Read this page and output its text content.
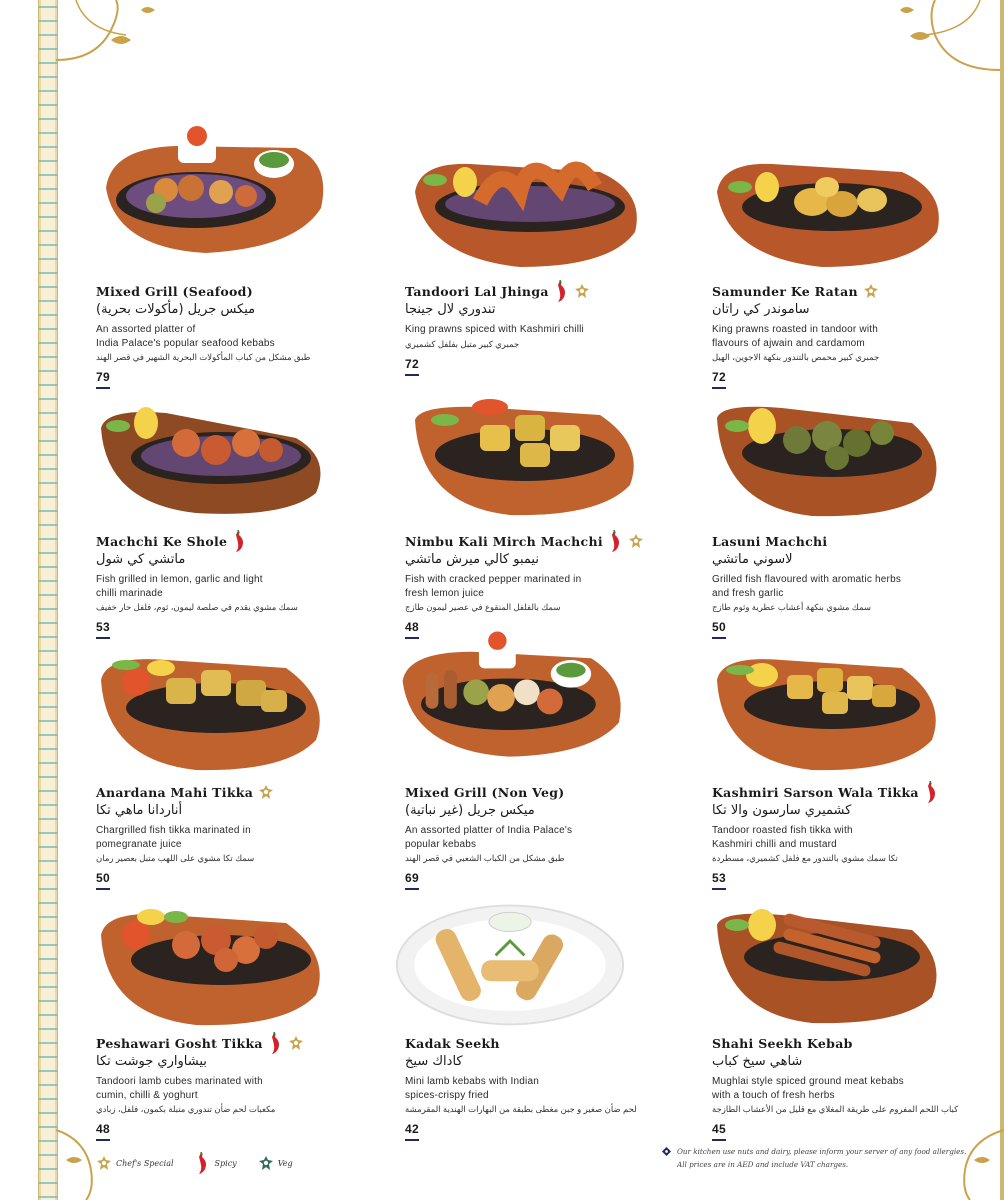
Mixed Grill (Seafood)
ميكس جريل (مأكولات بحرية)
An assorted platter of
India Palace's popular seafood kebabs
طبق مشكل من كباب المأكولات البحرية الشهير في قصر الهند
79
Tandoori Lal Jhinga
تندوري لال جينجا
King prawns spiced with Kashmiri chilli
جمبري كبير متبل بفلفل كشميري
72
Samunder Ke Ratan
ساموندر كي راتان
King prawns roasted in tandoor with
flavours of ajwain and cardamom
جمبري كبير محمص بالتندور بنكهة الاجوين، الهيل
72
Machchi Ke Shole
ماتشي كي شول
Fish grilled in lemon, garlic and light
chilli marinade
سمك مشوي يقدم في صلصة ليمون، ثوم، فلفل حار خفيف
53
Nimbu Kali Mirch Machchi
نيمبو كالي ميرش ماتشي
Fish with cracked pepper marinated in
fresh lemon juice
سمك بالفلفل المنقوع في عصير ليمون طازج
48
Lasuni Machchi
لاسوني ماتشي
Grilled fish flavoured with aromatic herbs
and fresh garlic
سمك مشوي بنكهة أعشاب عطرية وثوم طازج
50
Anardana Mahi Tikka
أناردانا ماهي تكا
Chargrilled fish tikka marinated in
pomegranate juice
سمك تكا مشوي على اللهب متبل بعصير رمان
50
Mixed Grill (Non Veg)
ميكس جريل (غير نباتية)
An assorted platter of India Palace's
popular kebabs
طبق مشكل من الكباب الشعبي في قصر الهند
69
Kashmiri Sarson Wala Tikka
كشميري سارسون والا تكا
Tandoor roasted fish tikka with
Kashmiri chilli and mustard
تكا سمك مشوي بالتندور مع فلفل كشميري، مسطردة
53
Peshawari Gosht Tikka
بيشاواري جوشت تكا
Tandoori lamb cubes marinated with
cumin, chilli & yoghurt
مكعبات لحم ضأن تندوري متبلة بكمون، فلفل، زبادي
48
Kadak Seekh
كاداك سيخ
Mini lamb kebabs with Indian
spices-crispy fried
لحم ضأن صغير و جبن مغطى بطبقة من البهارات الهندية المقرمشة
42
Shahi Seekh Kebab
شاهي سيخ كباب
Mughlai style spiced ground meat kebabs
with a touch of fresh herbs
كباب اللحم المفروم على طريقة المغلاي مع قليل من الأعشاب الطازجة
45
Chef's Special	Spicy	Veg
Our kitchen use nuts and dairy, please inform your server of any food allergies.
All prices are in AED and include VAT charges.
